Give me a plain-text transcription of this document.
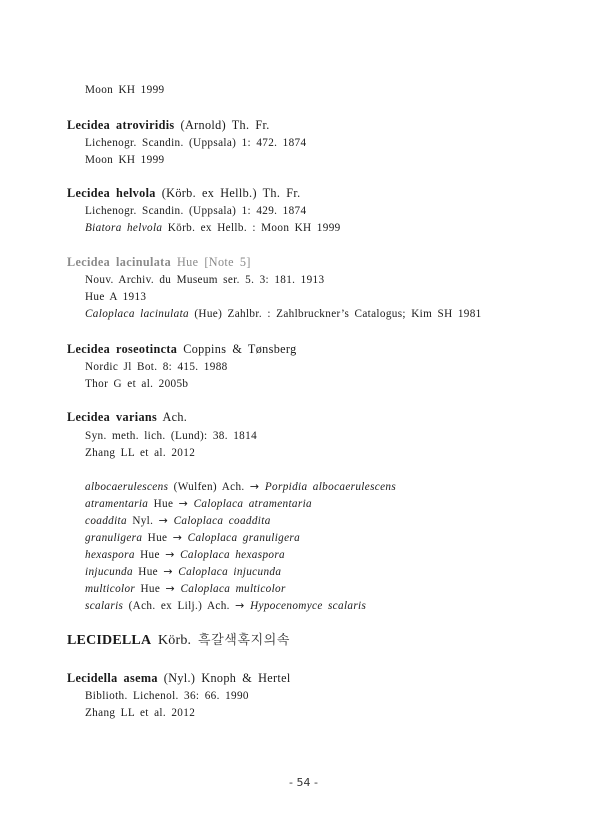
Moon KH 1999
Lecidea atroviridis (Arnold) Th. Fr.
Lichenogr. Scandin. (Uppsala) 1: 472. 1874
Moon KH 1999
Lecidea helvola (Körb. ex Hellb.) Th. Fr.
Lichenogr. Scandin. (Uppsala) 1: 429. 1874
Biatora helvola Körb. ex Hellb. : Moon KH 1999
Lecidea lacinulata Hue [Note 5]
Nouv. Archiv. du Museum ser. 5. 3: 181. 1913
Hue A 1913
Caloplaca lacinulata (Hue) Zahlbr. : Zahlbruckner’s Catalogus; Kim SH 1981
Lecidea roseotincta Coppins & Tønsberg
Nordic Jl Bot. 8: 415. 1988
Thor G et al. 2005b
Lecidea varians Ach.
Syn. meth. lich. (Lund): 38. 1814
Zhang LL et al. 2012
albocaerulescens (Wulfen) Ach. → Porpidia albocaerulescens
atramentaria Hue → Caloplaca atramentaria
coaddita Nyl. → Caloplaca coaddita
granuligera Hue → Caloplaca granuligera
hexaspora Hue → Caloplaca hexaspora
injucunda Hue → Caloplaca injucunda
multicolor Hue → Caloplaca multicolor
scalaris (Ach. ex Lilj.) Ach. → Hypocenomyce scalaris
LECIDELLA Körb. 흑갈색혹지의속
Lecidella asema (Nyl.) Knoph & Hertel
Biblioth. Lichenol. 36: 66. 1990
Zhang LL et al. 2012
- 54 -
